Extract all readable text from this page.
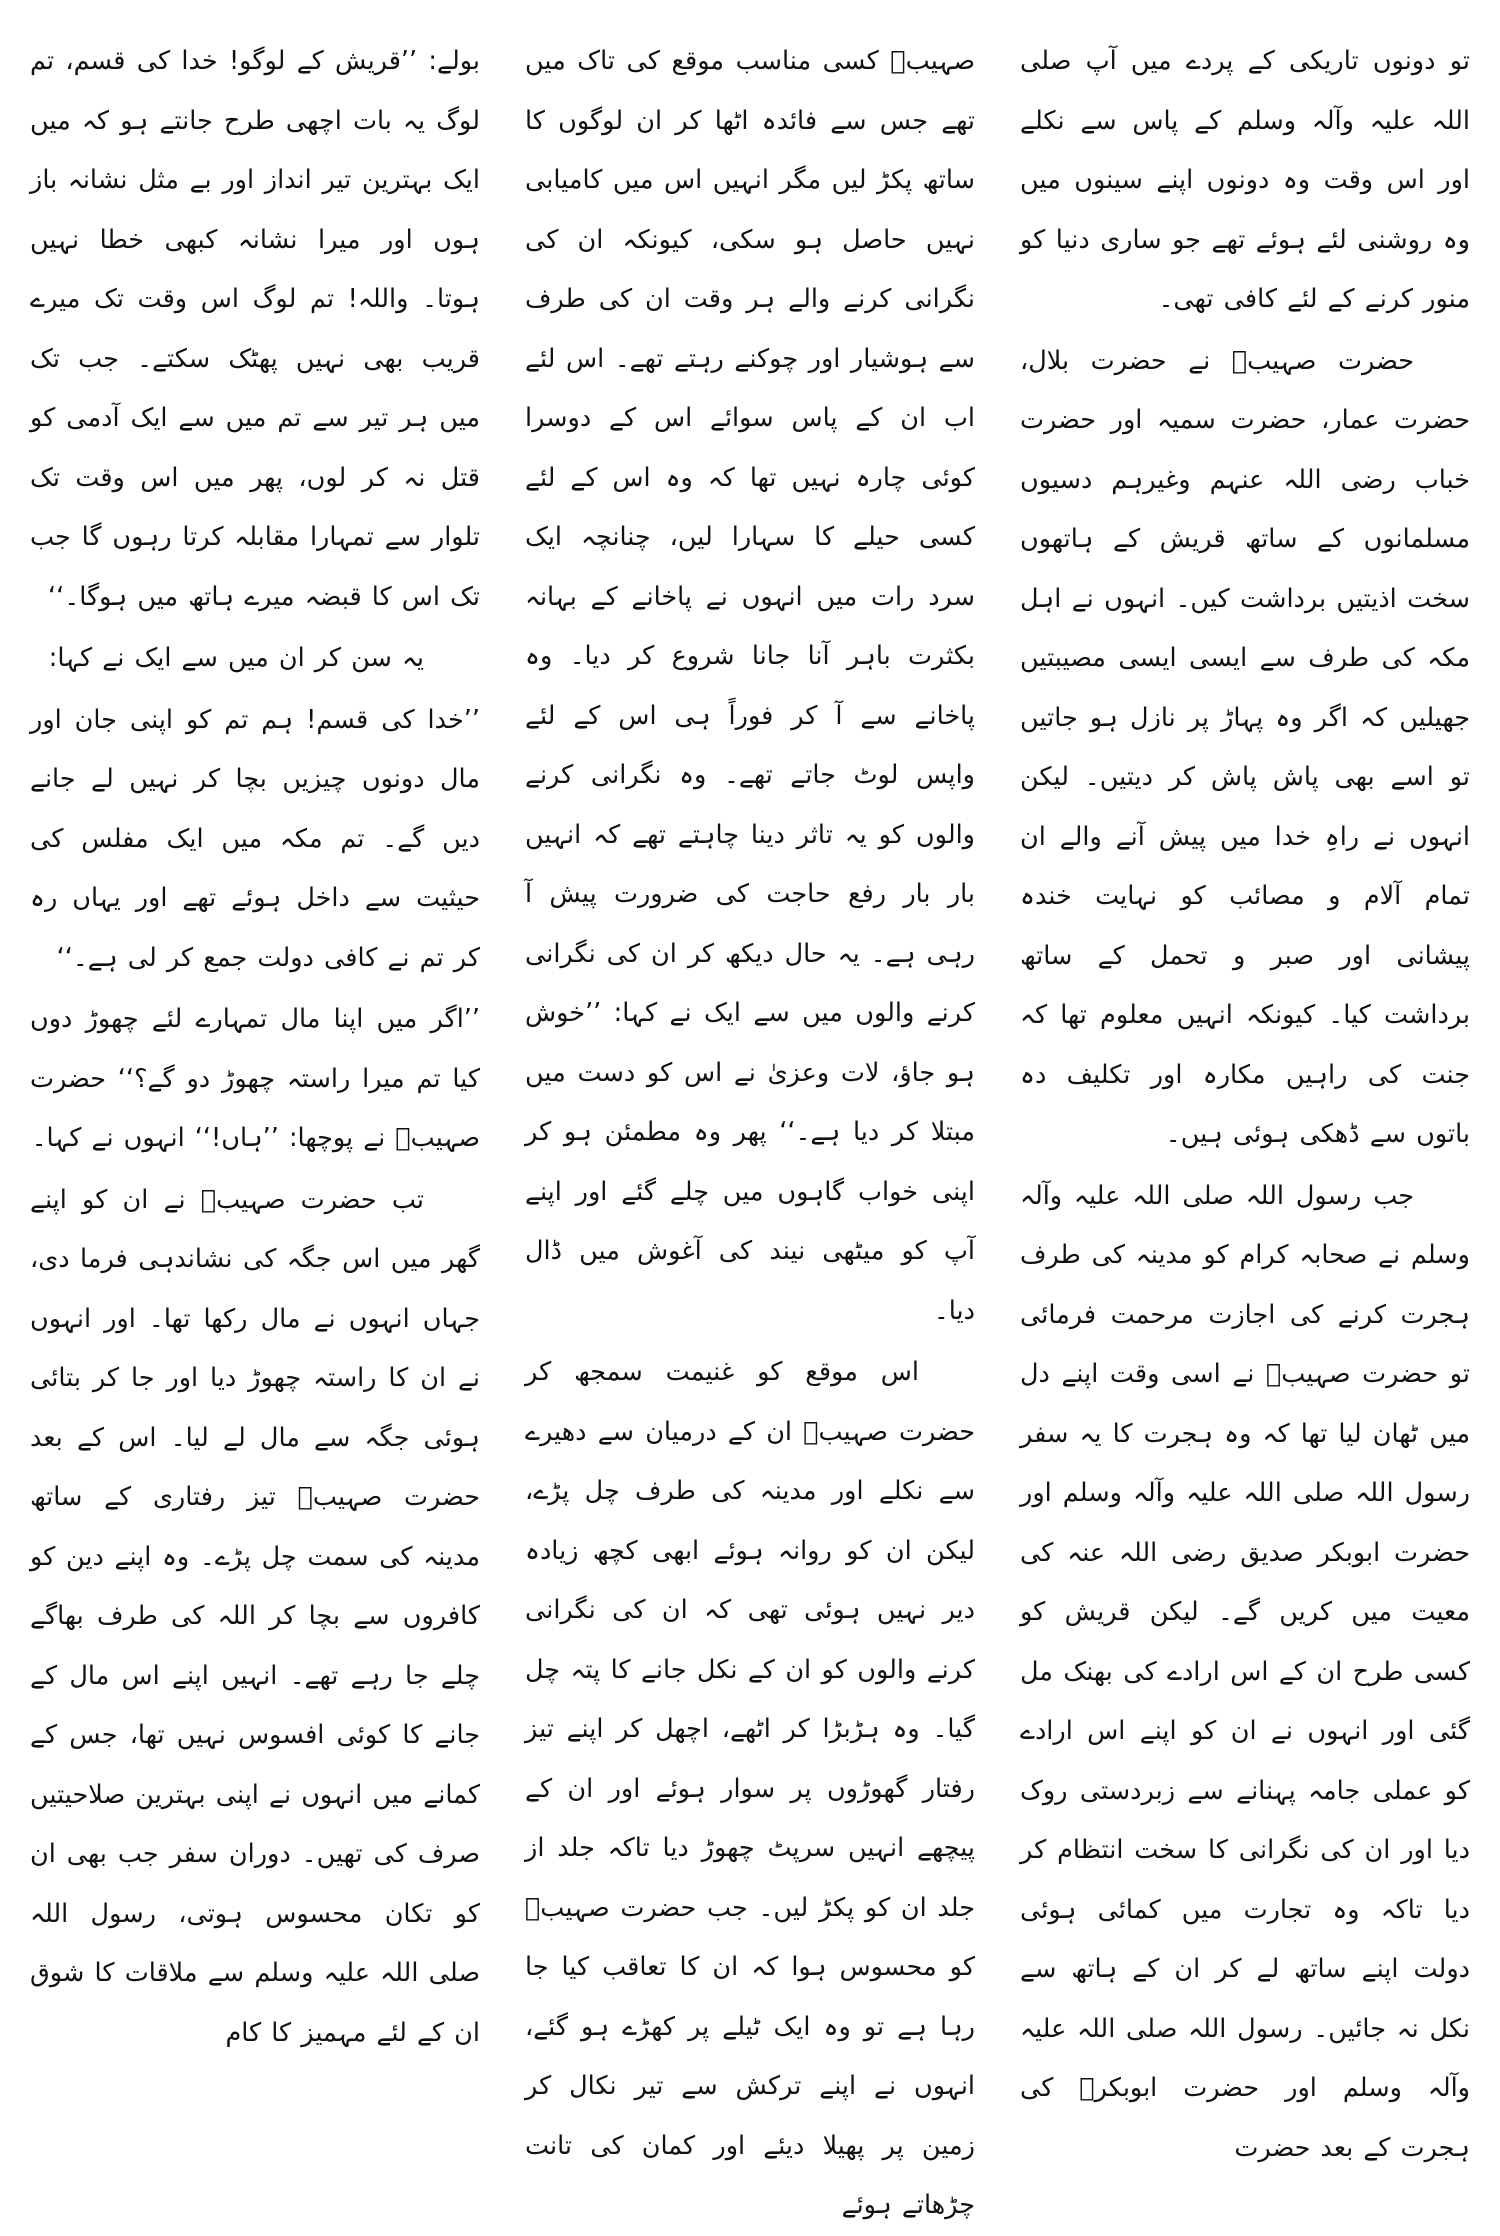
تو دونوں تاریکی کے پردے میں آپ صلی اللہ علیہ وآلہ وسلم کے پاس سے نکلے اور اس وقت وہ دونوں اپنے سینوں میں وہ روشنی لئے ہوئے تھے جو ساری دنیا کو منور کرنے کے لئے کافی تھی۔

حضرت صہیبؓ نے حضرت بلال، حضرت عمار، حضرت سمیہ اور حضرت خباب رضی اللہ عنہم وغیرہم دسیوں مسلمانوں کے ساتھ قریش کے ہاتھوں سخت اذیتیں برداشت کیں۔ انہوں نے اہل مکہ کی طرف سے ایسی ایسی مصیبتیں جھیلیں کہ اگر وہ پہاڑ پر نازل ہو جاتیں تو اسے بھی پاش پاش کر دیتیں۔ لیکن انہوں نے راہِ خدا میں پیش آنے والے ان تمام آلام و مصائب کو نہایت خندہ پیشانی اور صبر و تحمل کے ساتھ برداشت کیا۔ کیونکہ انہیں معلوم تھا کہ جنت کی راہیں مکارہ اور تکلیف دہ باتوں سے ڈھکی ہوئی ہیں۔

جب رسول اللہ صلی اللہ علیہ وآلہ وسلم نے صحابہ کرام کو مدینہ کی طرف ہجرت کرنے کی اجازت مرحمت فرمائی تو حضرت صہیبؓ نے اسی وقت اپنے دل میں ٹھان لیا تھا کہ وہ ہجرت کا یہ سفر رسول اللہ صلی اللہ علیہ وآلہ وسلم اور حضرت ابوبکر صدیق رضی اللہ عنہ کی معیت میں کریں گے۔ لیکن قریش کو کسی طرح ان کے اس ارادے کی بھنک مل گئی اور انہوں نے ان کو اپنے اس ارادے کو عملی جامہ پہنانے سے زبردستی روک دیا اور ان کی نگرانی کا سخت انتظام کر دیا تاکہ وہ تجارت میں کمائی ہوئی دولت اپنے ساتھ لے کر ان کے ہاتھ سے نکل نہ جائیں۔ رسول اللہ صلی اللہ علیہ وآلہ وسلم اور حضرت ابوبکرؓ کی ہجرت کے بعد حضرت

صہیبؓ کسی مناسب موقع کی تاک میں تھے جس سے فائدہ اٹھا کر ان لوگوں کا ساتھ پکڑ لیں مگر انہیں اس میں کامیابی نہیں حاصل ہو سکی، کیونکہ ان کی نگرانی کرنے والے ہر وقت ان کی طرف سے ہوشیار اور چوکنے رہتے تھے۔ اس لئے اب ان کے پاس سوائے اس کے دوسرا کوئی چارہ نہیں تھا کہ وہ اس کے لئے کسی حیلے کا سہارا لیں، چنانچہ ایک سرد رات میں انہوں نے پاخانے کے بہانہ بکثرت باہر آنا جانا شروع کر دیا۔ وہ پاخانے سے آ کر فوراً ہی اس کے لئے واپس لوٹ جاتے تھے۔ وہ نگرانی کرنے والوں کو یہ تاثر دینا چاہتے تھے کہ انہیں بار بار رفع حاجت کی ضرورت پیش آ رہی ہے۔ یہ حال دیکھ کر ان کی نگرانی کرنے والوں میں سے ایک نے کہا: ’’خوش ہو جاؤ، لات وعزیٰ نے اس کو دست میں مبتلا کر دیا ہے۔‘‘ پھر وہ مطمئن ہو کر اپنی خواب گاہوں میں چلے گئے اور اپنے آپ کو میٹھی نیند کی آغوش میں ڈال دیا۔

اس موقع کو غنیمت سمجھ کر حضرت صہیبؓ ان کے درمیان سے دھیرے سے نکلے اور مدینہ کی طرف چل پڑے، لیکن ان کو روانہ ہوئے ابھی کچھ زیادہ دیر نہیں ہوئی تھی کہ ان کی نگرانی کرنے والوں کو ان کے نکل جانے کا پتہ چل گیا۔ وہ ہڑبڑا کر اٹھے، اچھل کر اپنے تیز رفتار گھوڑوں پر سوار ہوئے اور ان کے پیچھے انہیں سرپٹ چھوڑ دیا تاکہ جلد از جلد ان کو پکڑ لیں۔ جب حضرت صہیبؓ کو محسوس ہوا کہ ان کا تعاقب کیا جا رہا ہے تو وہ ایک ٹیلے پر کھڑے ہو گئے، انہوں نے اپنے ترکش سے تیر نکال کر زمین پر پھیلا دیئے اور کمان کی تانت چڑھاتے ہوئے

بولے: ’’قریش کے لوگو! خدا کی قسم، تم لوگ یہ بات اچھی طرح جانتے ہو کہ میں ایک بہترین تیر انداز اور بے مثل نشانہ باز ہوں اور میرا نشانہ کبھی خطا نہیں ہوتا۔ واللہ! تم لوگ اس وقت تک میرے قریب بھی نہیں پھٹک سکتے۔ جب تک میں ہر تیر سے تم میں سے ایک آدمی کو قتل نہ کر لوں، پھر میں اس وقت تک تلوار سے تمہارا مقابلہ کرتا رہوں گا جب تک اس کا قبضہ میرے ہاتھ میں ہوگا۔‘‘

یہ سن کر ان میں سے ایک نے کہا:

’’خدا کی قسم! ہم تم کو اپنی جان اور مال دونوں چیزیں بچا کر نہیں لے جانے دیں گے۔ تم مکہ میں ایک مفلس کی حیثیت سے داخل ہوئے تھے اور یہاں رہ کر تم نے کافی دولت جمع کر لی ہے۔‘‘

’’اگر میں اپنا مال تمہارے لئے چھوڑ دوں کیا تم میرا راستہ چھوڑ دو گے؟‘‘ حضرت صہیبؓ نے پوچھا: ’’ہاں!‘‘ انہوں نے کہا۔

تب حضرت صہیبؓ نے ان کو اپنے گھر میں اس جگہ کی نشاندہی فرما دی، جہاں انہوں نے مال رکھا تھا۔ اور انہوں نے ان کا راستہ چھوڑ دیا اور جا کر بتائی ہوئی جگہ سے مال لے لیا۔ اس کے بعد حضرت صہیبؓ تیز رفتاری کے ساتھ مدینہ کی سمت چل پڑے۔ وہ اپنے دین کو کافروں سے بچا کر اللہ کی طرف بھاگے چلے جا رہے تھے۔ انہیں اپنے اس مال کے جانے کا کوئی افسوس نہیں تھا، جس کے کمانے میں انہوں نے اپنی بہترین صلاحیتیں صرف کی تھیں۔ دوران سفر جب بھی ان کو تکان محسوس ہوتی، رسول اللہ صلی اللہ علیہ وسلم سے ملاقات کا شوق ان کے لئے مہمیز کا کام
